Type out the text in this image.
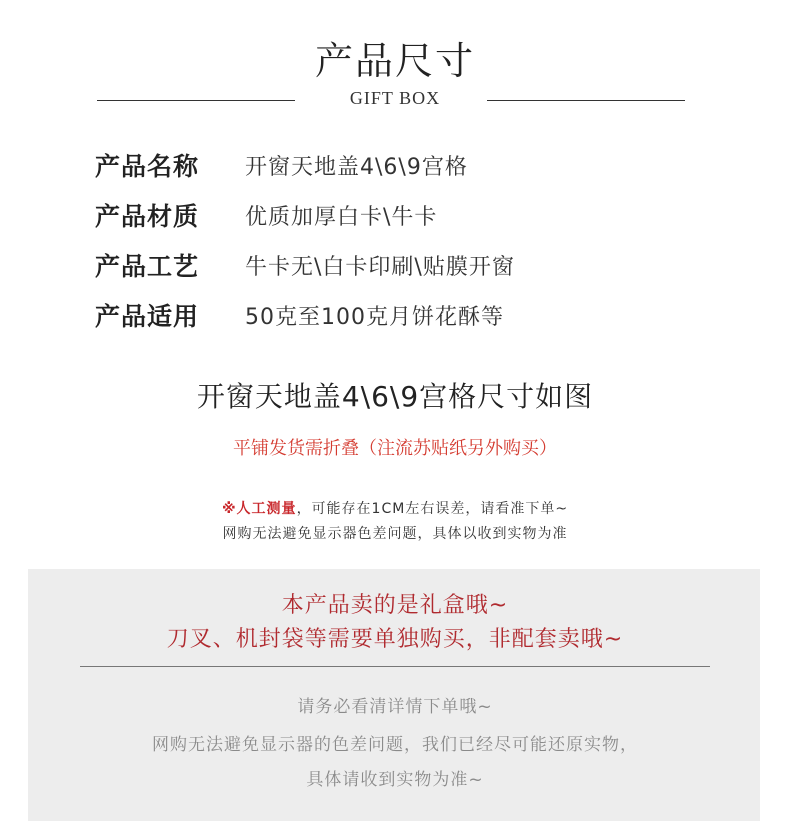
产品尺寸
GIFT BOX
产品名称	开窗天地盖4\6\9宫格
产品材质	优质加厚白卡\牛卡
产品工艺	牛卡无\白卡印刷\贴膜开窗
产品适用	50克至100克月饼花酥等
开窗天地盖4\6\9宫格尺寸如图
平铺发货需折叠（注流苏贴纸另外购买）
※人工测量，可能存在1CM左右误差，请看准下单~
网购无法避免显示器色差问题，具体以收到实物为准
本产品卖的是礼盒哦~
刀叉、机封袋等需要单独购买，非配套卖哦~
请务必看清详情下单哦~
网购无法避免显示器的色差问题，我们已经尽可能还原实物，
具体请收到实物为准~
